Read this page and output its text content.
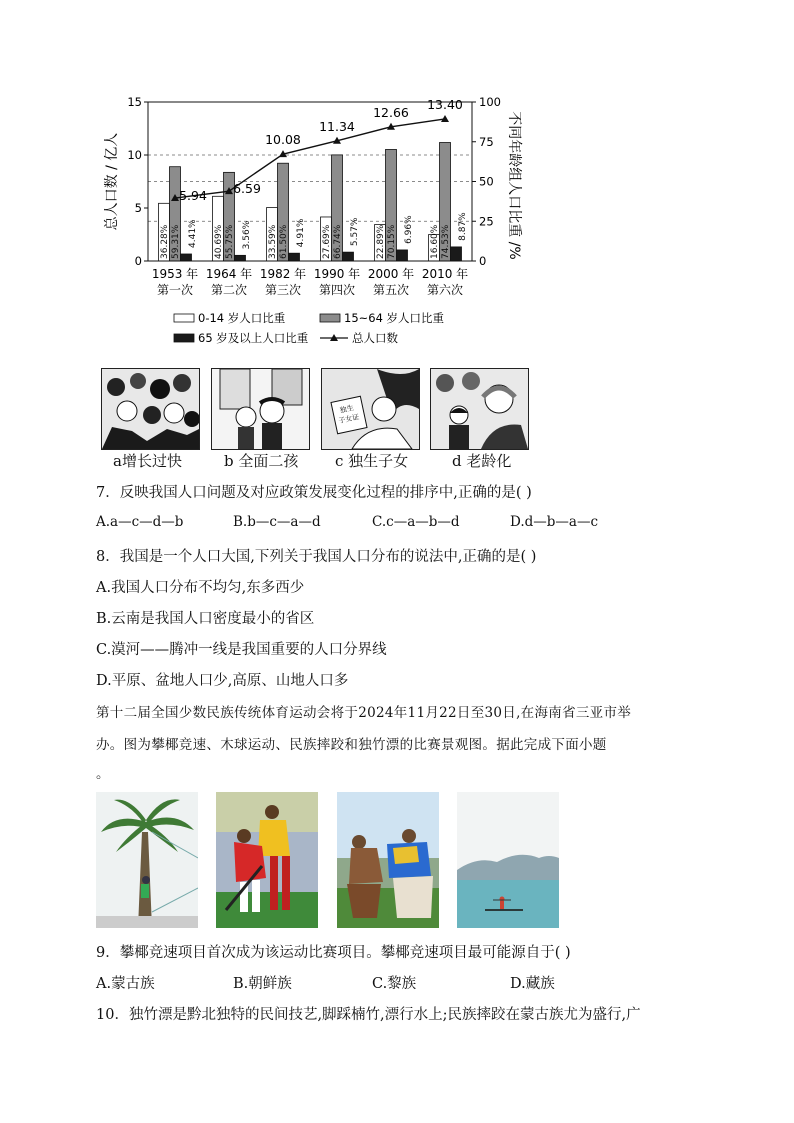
36.28%	40.69%	33.59%	27.69%	22.89%	16.60%
59.31%	55.75%	61.50%	66.74%	70.15%	74.53%
4.41%	3.56%	4.91%	5.57%	6.96%	8.87%
5.94 6.59
10.08
11.34
12.66
13.40
0
5
10
15
0
25
50
75
100
总人口数 / 亿人	不同年龄组人口比重 /%
1953 年
第一次
1964 年
第二次
1982 年
第三次
1990 年
第四次
2000 年
第五次
2010 年
第六次
0-14 岁人口比重	15~64 岁人口比重
65 岁及以上人口比重	总人口数
独生
子女证
a增长过快	b 全面二孩 c 独生子女	d 老龄化
7．反映我国人口问题及对应政策发展变化过程的排序中,正确的是( )
A.a—c—d—b	B.b—c—a—d	C.c—a—b—d	D.d—b—a—c
8．我国是一个人口大国,下列关于我国人口分布的说法中,正确的是( )
A.我国人口分布不均匀,东多西少
B.云南是我国人口密度最小的省区
C.漠河——腾冲一线是我国重要的人口分界线
D.平原、盆地人口少,高原、山地人口多
第十二届全国少数民族传统体育运动会将于2024年11月22日至30日,在海南省三亚市举
办。图为攀椰竞速、木球运动、民族摔跤和独竹漂的比赛景观图。据此完成下面小题
。
9．攀椰竞速项目首次成为该运动比赛项目。攀椰竞速项目最可能源自于( )
A.蒙古族	B.朝鲜族	C.黎族	D.藏族
10．独竹漂是黔北独特的民间技艺,脚踩楠竹,漂行水上;民族摔跤在蒙古族尤为盛行,广
